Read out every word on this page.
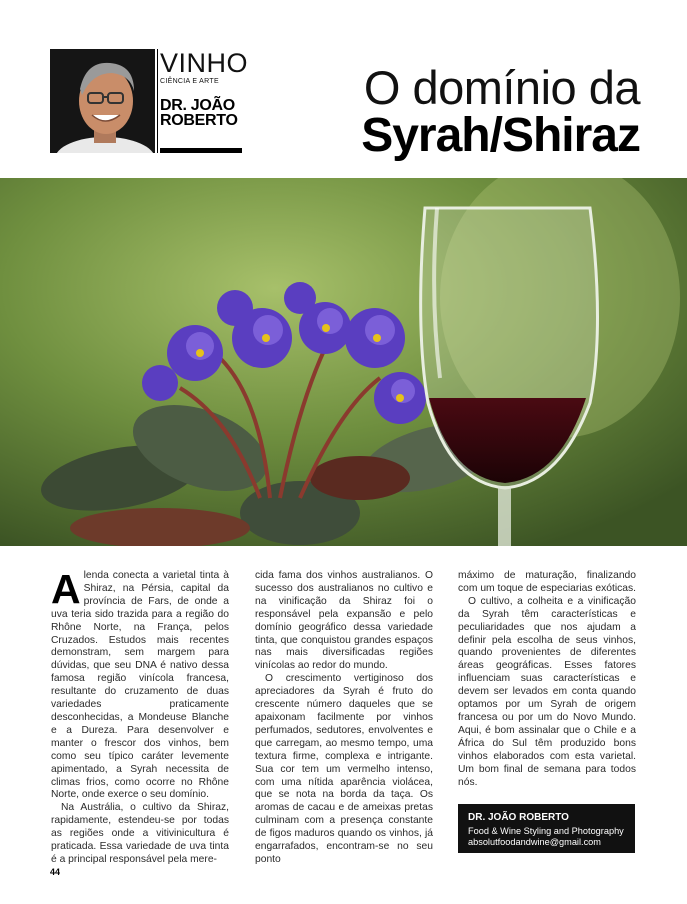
VINHO
CIÊNCIA E ARTE
DR. JOÃO
ROBERTO
O domínio da
Syrah/Shiraz

Alenda conecta a varietal tinta à Shiraz, na Pérsia, capital da província de Fars, de onde a uva teria sido trazida para a região do Rhône Norte, na França, pelos Cruzados. Estudos mais recentes demonstram, sem margem para dúvidas, que seu DNA é nativo dessa famosa região vinícola francesa, resultante do cruzamento de duas variedades praticamente desconhecidas, a Mondeuse Blanche e a Dureza. Para desenvolver e manter o frescor dos vinhos, bem como seu típico caráter levemente apimentado, a Syrah necessita de climas frios, como ocorre no Rhône Norte, onde exerce o seu domínio.

Na Austrália, o cultivo da Shiraz, rapidamente, estendeu-se por todas as regiões onde a vitivinicultura é praticada. Essa variedade de uva tinta é a principal responsável pela mere-

cida fama dos vinhos australianos. O sucesso dos australianos no cultivo e na vinificação da Shiraz foi o responsável pela expansão e pelo domínio geográfico dessa variedade tinta, que conquistou grandes espaços nas mais diversificadas regiões vinícolas ao redor do mundo.

O crescimento vertiginoso dos apreciadores da Syrah é fruto do crescente número daqueles que se apaixonam facilmente por vinhos perfumados, sedutores, envolventes e que carregam, ao mesmo tempo, uma textura firme, complexa e intrigante. Sua cor tem um vermelho intenso, com uma nítida aparência violácea, que se nota na borda da taça. Os aromas de cacau e de ameixas pretas culminam com a presença constante de figos maduros quando os vinhos, já engarrafados, encontram-se no seu ponto

máximo de maturação, finalizando com um toque de especiarias exóticas.

O cultivo, a colheita e a vinificação da Syrah têm características e peculiaridades que nos ajudam a definir pela escolha de seus vinhos, quando provenientes de diferentes áreas geográficas. Esses fatores influenciam suas características e devem ser levados em conta quando optamos por um Syrah de origem francesa ou por um do Novo Mundo. Aqui, é bom assinalar que o Chile e a África do Sul têm produzido bons vinhos elaborados com esta varietal. Um bom final de semana para todos nós.

DR. JOÃO ROBERTO
Food & Wine Styling and Photography
absolutfoodandwine@gmail.com
44
